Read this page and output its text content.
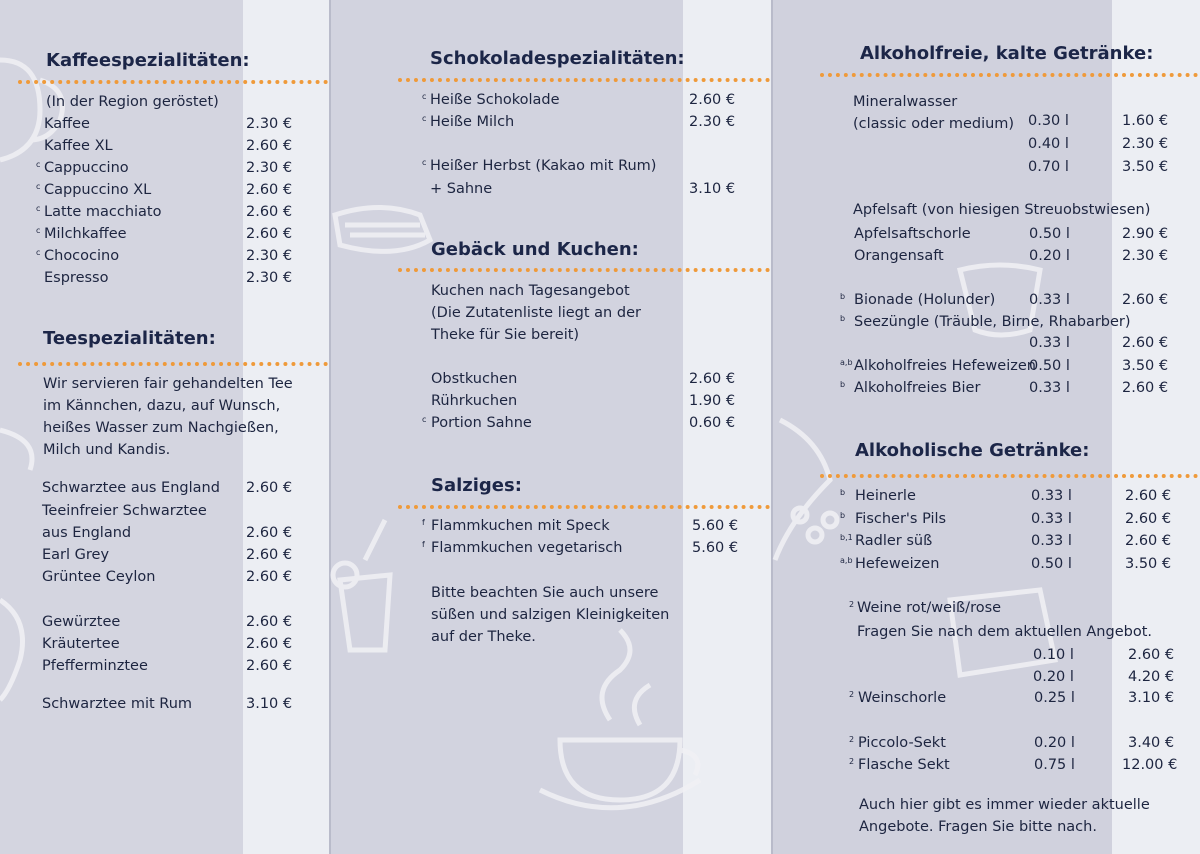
Kaffeespezialitäten:
(In der Region geröstet)
Kaffee	2.30 €
Kaffee XL	2.60 €
c Cappuccino	2.30 €
c Cappuccino XL	2.60 €
c Latte macchiato	2.60 €
c Milchkaffee	2.60 €
c Chococino	2.30 €
Espresso	2.30 €
Teespezialitäten:
Wir servieren fair gehandelten Tee
im Kännchen, dazu, auf Wunsch,
heißes Wasser zum Nachgießen,
Milch und Kandis.
Schwarztee aus England 2.60 €
Teeinfreier Schwarztee
aus England	2.60 €
Earl Grey	2.60 €
Grüntee Ceylon	2.60 €
Gewürztee	2.60 €
Kräutertee	2.60 €
Pfefferminztee	2.60 €
Schwarztee mit Rum	3.10 €
Schokoladespezialitäten:
c Heiße Schokolade	2.60 €
c Heiße Milch	2.30 €
c Heißer Herbst (Kakao mit Rum)
+ Sahne	3.10 €
Gebäck und Kuchen:
Kuchen nach Tagesangebot
(Die Zutatenliste liegt an der
Theke für Sie bereit)
Obstkuchen	2.60 €
Rührkuchen	1.90 €
c Portion Sahne	0.60 €
Salziges:
f Flammkuchen mit Speck	5.60 €
f Flammkuchen vegetarisch	5.60 €
Bitte beachten Sie auch unsere
süßen und salzigen Kleinigkeiten
auf der Theke.
Alkoholfreie, kalte Getränke:
Mineralwasser
(classic oder medium) 0.30 l	1.60 €
0.40 l	2.30 €
0.70 l	3.50 €
Apfelsaft (von hiesigen Streuobstwiesen)
Apfelsaftschorle	0.50 l	2.90 €
Orangensaft	0.20 l	2.30 €
b Bionade (Holunder) 0.33 l	2.60 €
b Seezüngle (Träuble, Birne, Rhabarber)
0.33 l	2.60 €
a,b Alkoholfreies Hefeweizen
0.50 l	3.50 €
b Alkoholfreies Bier	0.33 l	2.60 €
Alkoholische Getränke:
b Heinerle	0.33 l	2.60 €
b Fischer's Pils	0.33 l	2.60 €
b,1 Radler süß	0.33 l	2.60 €
a,b Hefeweizen	0.50 l	3.50 €
2 Weine rot/weiß/rose
Fragen Sie nach dem aktuellen Angebot.
0.10 l	2.60 €
0.20 l	4.20 €
2 Weinschorle	0.25 l	3.10 €
2 Piccolo-Sekt	0.20 l	3.40 €
2 Flasche Sekt	0.75 l	12.00 €
Auch hier gibt es immer wieder aktuelle
Angebote. Fragen Sie bitte nach.
